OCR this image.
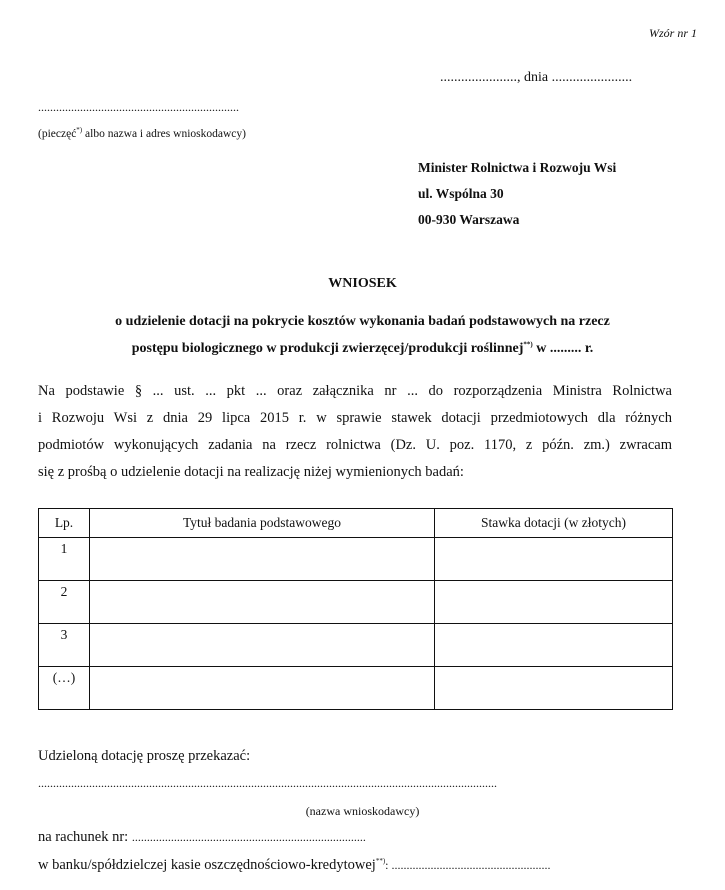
Wzór nr 1
......................, dnia .......................
...................................................................
(pieczęć*) albo nazwa i adres wnioskodawcy)
Minister Rolnictwa i Rozwoju Wsi
ul. Wspólna 30
00-930 Warszawa
WNIOSEK
o udzielenie dotacji na pokrycie kosztów wykonania badań podstawowych na rzecz
postępu biologicznego w produkcji zwierzęcej/produkcji roślinnej**) w ......... r.
Na podstawie § ... ust. ... pkt ... oraz załącznika nr ... do rozporządzenia Ministra Rolnictwa
i Rozwoju Wsi z dnia 29 lipca 2015 r. w sprawie stawek dotacji przedmiotowych dla różnych
podmiotów wykonujących zadania na rzecz rolnictwa (Dz. U. poz. 1170, z późn. zm.) zwracam
się z prośbą o udzielenie dotacji na realizację niżej wymienionych badań:
Lp.	Tytuł badania podstawowego	Stawka dotacji (w złotych)
1		
2		
3		
(…)		
Udzieloną dotację proszę przekazać:
.........................................................................................................................................................
(nazwa wnioskodawcy)
na rachunek nr: ..............................................................................
w banku/spółdzielczej kasie oszczędnościowo-kredytowej**): .....................................................
